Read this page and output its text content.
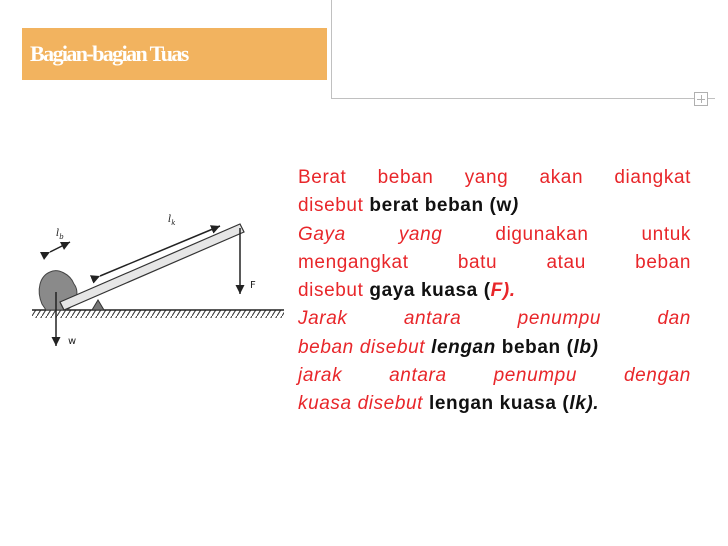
Bagian-bagian Tuas
$l_b$
$l_k$
F
w
Berat beban yang akan diangkat
disebut berat beban (w)
Gaya	yang	digunakan	untuk
mengangkat	batu	atau	beban
disebut gaya kuasa (F).
Jarak	antara	penumpu	dan
beban disebut lengan beban (lb)
jarak antara penumpu dengan
kuasa disebut lengan kuasa (lk).
